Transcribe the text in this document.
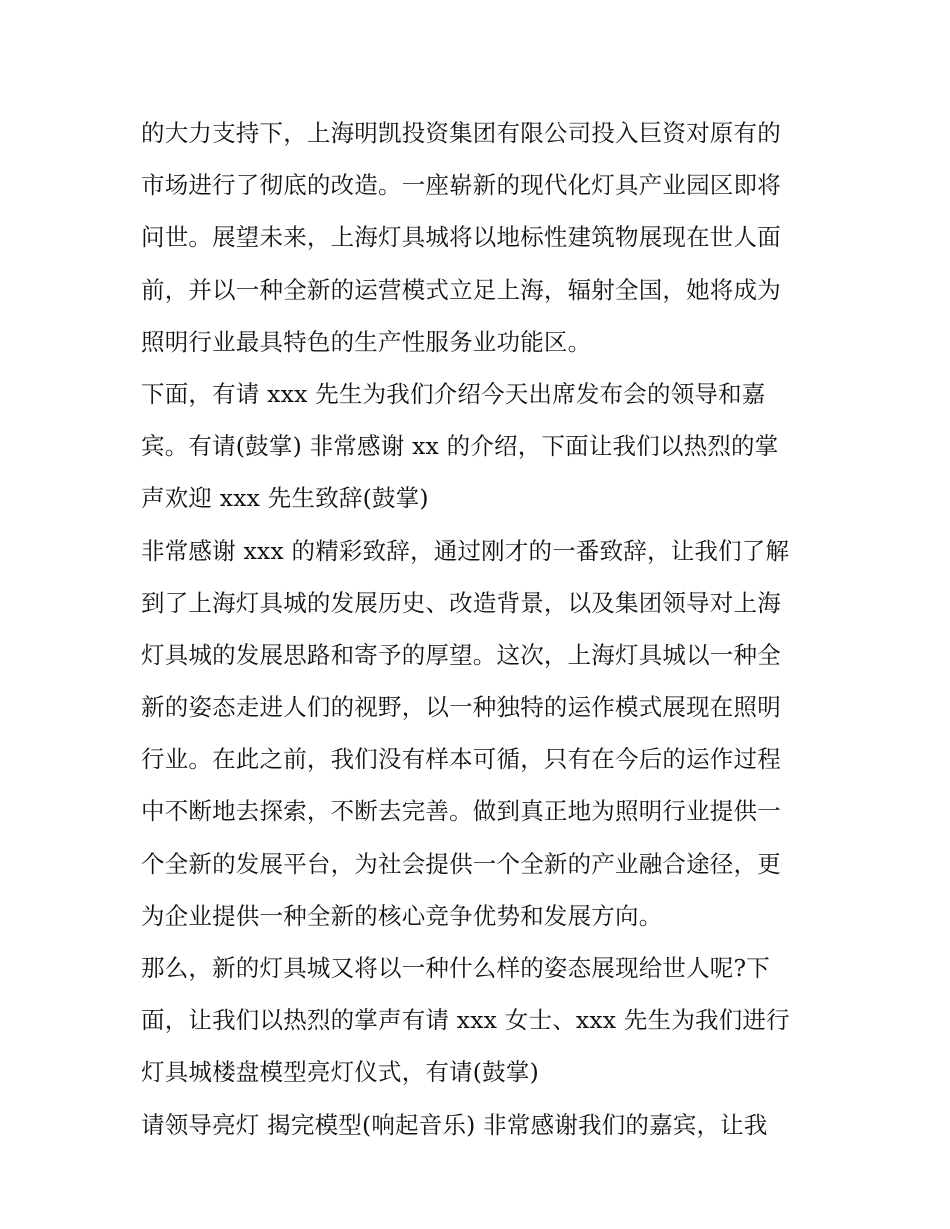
的大力支持下，上海明凯投资集团有限公司投入巨资对原有的
市场进行了彻底的改造。一座崭新的现代化灯具产业园区即将
问世。展望未来，上海灯具城将以地标性建筑物展现在世人面
前，并以一种全新的运营模式立足上海，辐射全国，她将成为
照明行业最具特色的生产性服务业功能区。
下面，有请 xxx 先生为我们介绍今天出席发布会的领导和嘉
宾。有请(鼓掌) 非常感谢 xx 的介绍，下面让我们以热烈的掌
声欢迎 xxx 先生致辞(鼓掌)
非常感谢 xxx 的精彩致辞，通过刚才的一番致辞，让我们了解
到了上海灯具城的发展历史、改造背景，以及集团领导对上海
灯具城的发展思路和寄予的厚望。这次，上海灯具城以一种全
新的姿态走进人们的视野，以一种独特的运作模式展现在照明
行业。在此之前，我们没有样本可循，只有在今后的运作过程
中不断地去探索，不断去完善。做到真正地为照明行业提供一
个全新的发展平台，为社会提供一个全新的产业融合途径，更
为企业提供一种全新的核心竞争优势和发展方向。
那么，新的灯具城又将以一种什么样的姿态展现给世人呢?下
面，让我们以热烈的掌声有请 xxx 女士、xxx 先生为我们进行
灯具城楼盘模型亮灯仪式，有请(鼓掌)
请领导亮灯 揭完模型(响起音乐) 非常感谢我们的嘉宾，让我
